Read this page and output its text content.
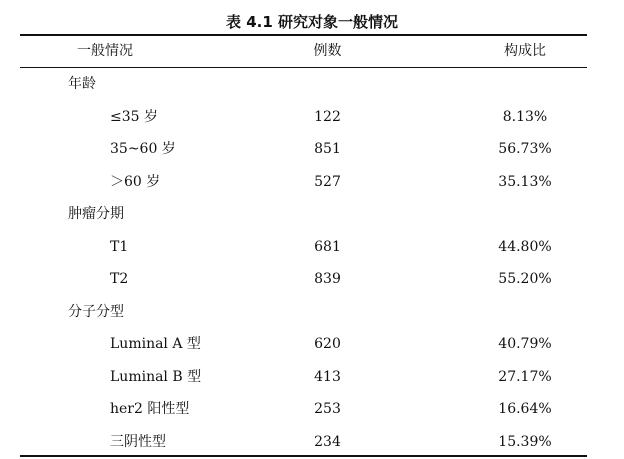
表 4.1 研究对象一般情况
一般情况	例数	构成比
年龄
≤35 岁	122	8.13%
35~60 岁	851	56.73%
＞60 岁	527	35.13%
肿瘤分期
T1	681	44.80%
T2	839	55.20%
分子分型
Luminal A 型	620	40.79%
Luminal B 型	413	27.17%
her2 阳性型	253	16.64%
三阴性型	234	15.39%
